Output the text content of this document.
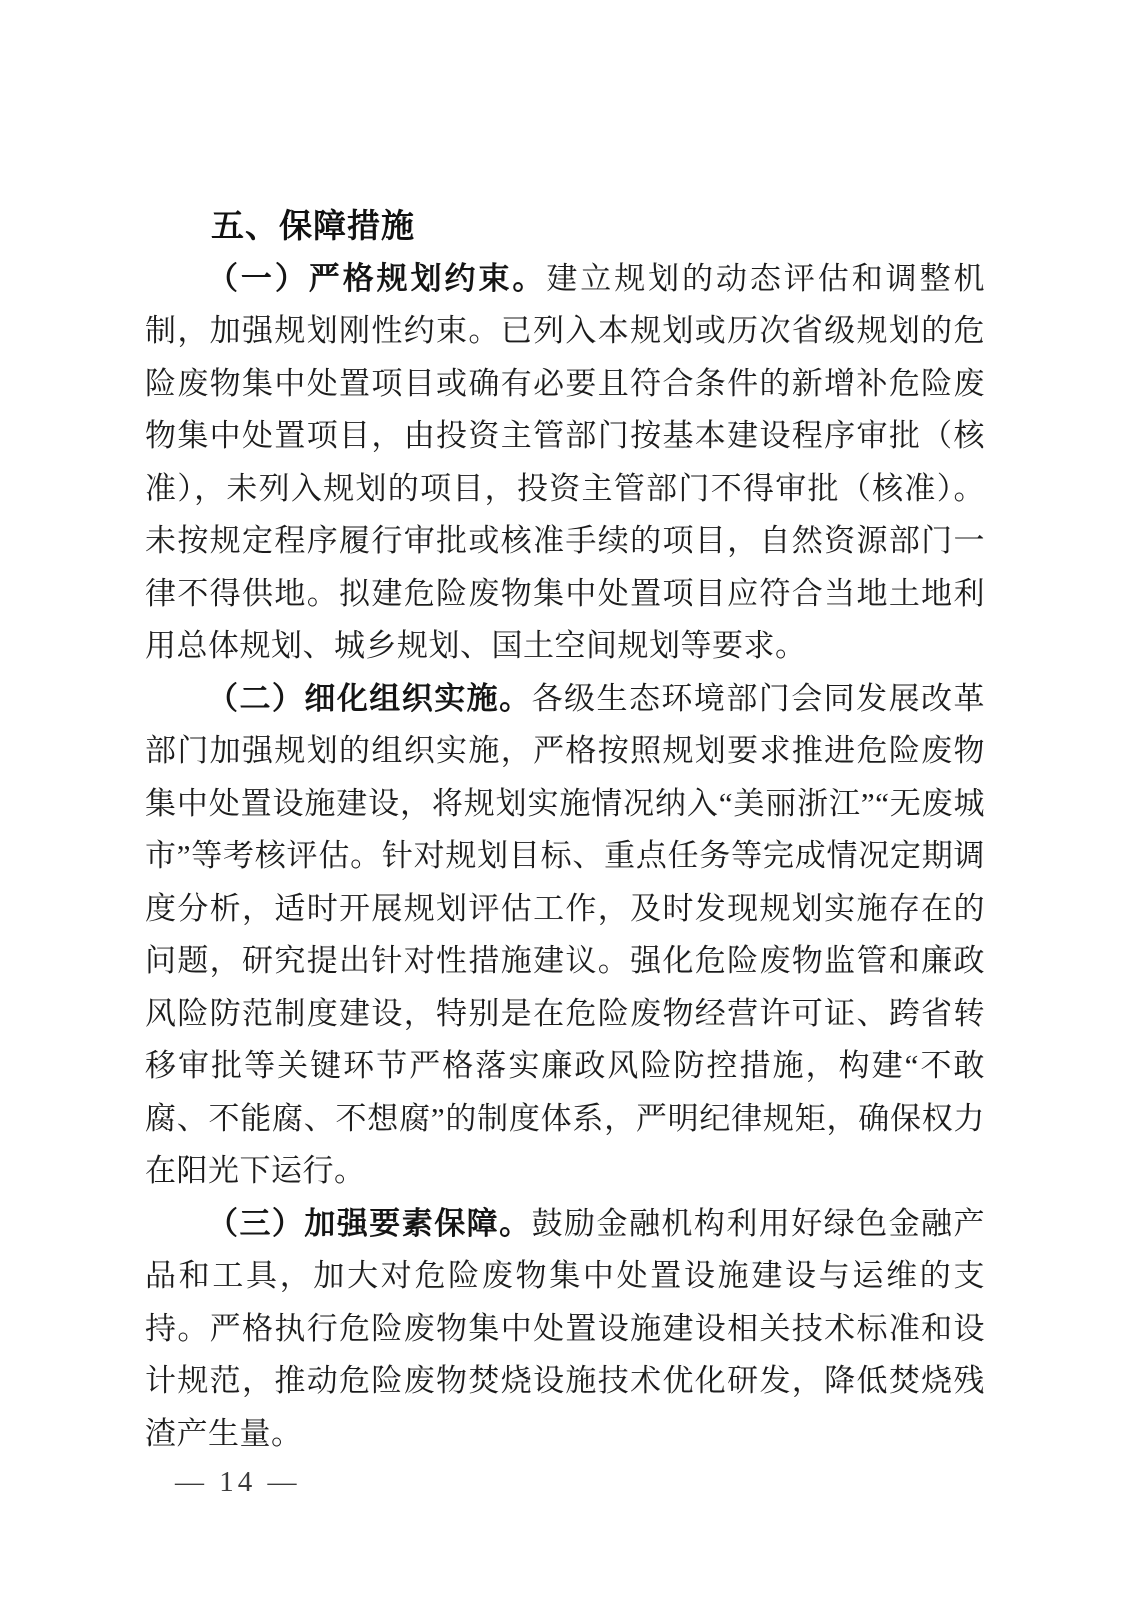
五、保障措施

（一）严格规划约束。建立规划的动态评估和调整机制，加强规划刚性约束。已列入本规划或历次省级规划的危险废物集中处置项目或确有必要且符合条件的新增补危险废物集中处置项目，由投资主管部门按基本建设程序审批（核准），未列入规划的项目，投资主管部门不得审批（核准）。未按规定程序履行审批或核准手续的项目，自然资源部门一律不得供地。拟建危险废物集中处置项目应符合当地土地利用总体规划、城乡规划、国土空间规划等要求。

（二）细化组织实施。各级生态环境部门会同发展改革部门加强规划的组织实施，严格按照规划要求推进危险废物集中处置设施建设，将规划实施情况纳入“美丽浙江”“无废城市”等考核评估。针对规划目标、重点任务等完成情况定期调度分析，适时开展规划评估工作，及时发现规划实施存在的问题，研究提出针对性措施建议。强化危险废物监管和廉政风险防范制度建设，特别是在危险废物经营许可证、跨省转移审批等关键环节严格落实廉政风险防控措施，构建“不敢腐、不能腐、不想腐”的制度体系，严明纪律规矩，确保权力在阳光下运行。

（三）加强要素保障。鼓励金融机构利用好绿色金融产品和工具，加大对危险废物集中处置设施建设与运维的支持。严格执行危险废物集中处置设施建设相关技术标准和设计规范，推动危险废物焚烧设施技术优化研发，降低焚烧残渣产生量。

— 14 —
